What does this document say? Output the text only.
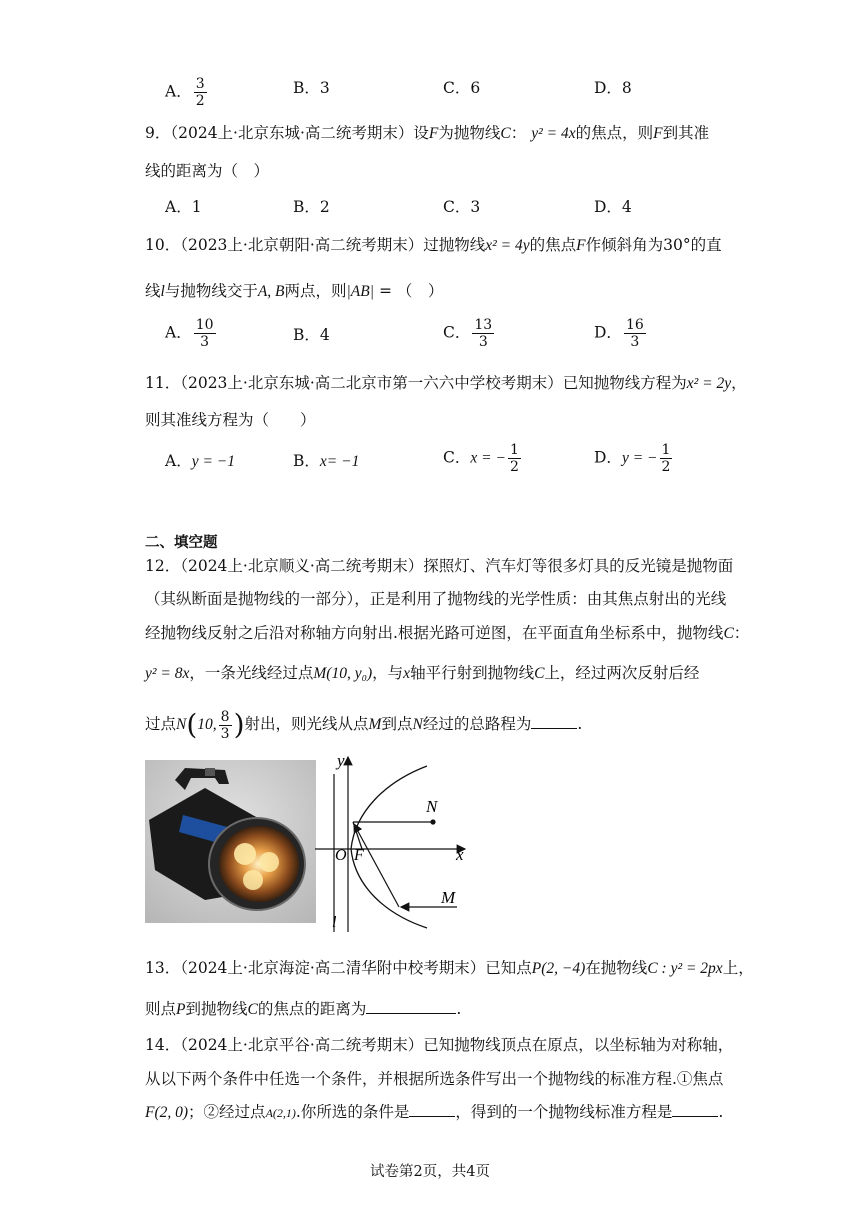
A． $\frac{3}{2}$	B．3	C．6	D．8
9．（2024上·北京东城·高二统考期末）设F为抛物线C： y² = 4x的焦点，则F到其准
线的距离为（　）
A．1	B．2	C．3	D．4
10．（2023上·北京朝阳·高二统考期末）过抛物线x² = 4y的焦点F作倾斜角为30°的直
线l与抛物线交于A, B两点，则|AB| = （　）
A． $\frac{10}{3}$	B．4	C． $\frac{13}{3}$	D． $\frac{16}{3}$
11．（2023上·北京东城·高二北京市第一六六中学校考期末）已知抛物线方程为x² = 2y，
则其准线方程为（　　）
A．y = −1	B．x= −1	C．x = − $\frac{1}{2}$	D．y = − $\frac{1}{2}$
二、填空题
12．（2024上·北京顺义·高二统考期末）探照灯、汽车灯等很多灯具的反光镜是抛物面
（其纵断面是抛物线的一部分），正是利用了抛物线的光学性质：由其焦点射出的光线
经抛物线反射之后沿对称轴方向射出.根据光路可逆图，在平面直角坐标系中，抛物线C：
y² = 8x，一条光线经过点M(10, y₀)，与x轴平行射到抛物线C上，经过两次反射后经
过点N(10, $\frac{8}{3}$ )射出，则光线从点M到点N经过的总路程为	.
y
x
O F
N
M
l
13．（2024上·北京海淀·高二清华附中校考期末）已知点P(2, −4)在抛物线C : y² = 2px上，
则点P到抛物线C的焦点的距离为	.
14．（2024上·北京平谷·高二统考期末）已知抛物线顶点在原点，以坐标轴为对称轴，
从以下两个条件中任选一个条件，并根据所选条件写出一个抛物线的标准方程.①焦点
F(2, 0)；②经过点A(2,1).你所选的条件是	，得到的一个抛物线标准方程是	.
试卷第2页，共4页
